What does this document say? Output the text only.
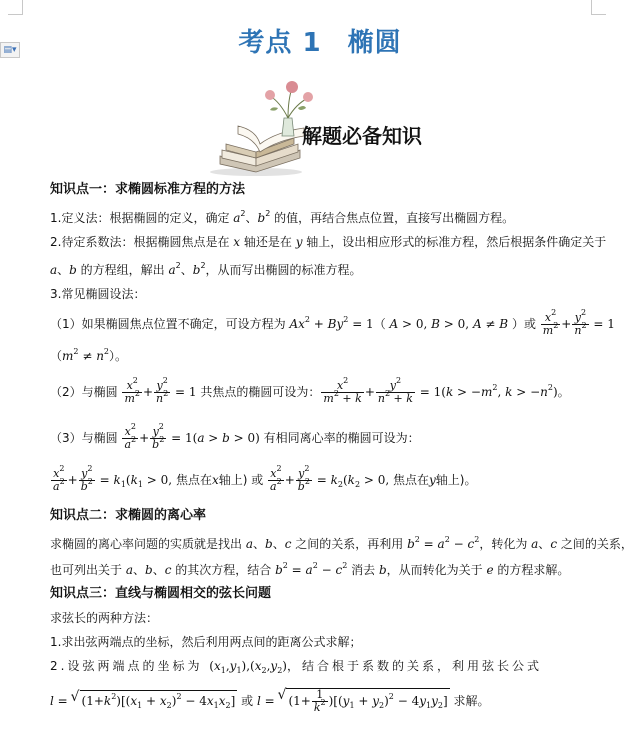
▤▾	考点 1 椭圆
解题必备知识
知识点一：求椭圆标准方程的方法
1.定义法：根据椭圆的定义，确定 $a^2$、$b^2$ 的值，再结合焦点位置，直接写出椭圆方程。
2.待定系数法：根据椭圆焦点是在 x 轴还是在 y 轴上，设出相应形式的标准方程，然后根据条件确定关于
a、b 的方程组，解出 $a^2$、$b^2$，从而写出椭圆的标准方程。
3.常见椭圆设法：
（1）如果椭圆焦点位置不确定，可设方程为 $Ax^2 + By^2 = 1$（ A > 0, B > 0, A ≠ B ）或 $\frac{x^2}{m^2} + \frac{y^2}{n^2} = 1$
$(m^2 \ne n^2)$。
（2）与椭圆 $\frac{x^2}{m^2} + \frac{y^2}{n^2} = 1$ 共焦点的椭圆可设为： $\frac{x^2}{m^2 + k} + \frac{y^2}{n^2 + k} = 1(k > -m^2$, $k > -n^2$)。
（3）与椭圆 $\frac{x^2}{a^2} + \frac{y^2}{b^2} = 1(a > b > 0)$ 有相同离心率的椭圆可设为：
$\frac{x^2}{a^2} + \frac{y^2}{b^2} = k_1(k_1 > 0$, 焦点在x轴上) 或 $\frac{x^2}{a^2} + \frac{y^2}{b^2} = k_2(k_2 > 0$, 焦点在y轴上)。
知识点二：求椭圆的离心率
求椭圆的离心率问题的实质就是找出 a、b、c 之间的关系，再利用 $b^2 = a^2 - c^2$，转化为 a、c 之间的关系，
也可列出关于 a、b、c 的其次方程，结合 $b^2 = a^2 - c^2$ 消去 b，从而转化为关于 e 的方程求解。
知识点三：直线与椭圆相交的弦长问题
求弦长的两种方法：
1.求出弦两端点的坐标，然后利用两点间的距离公式求解；
2.设弦两端点的坐标为 $(x_1,y_1),(x_2,y_2)$，结合根于系数的关系，利用弦长公式
l = √ $(1+k^2)[(x_1 + x_2)^2 - 4x_1x_2]$ 或 l = √ $(1+ \frac{1}{k^2} )[(y_1 + y_2)^2 - 4y_1y_2]$ 求解。
